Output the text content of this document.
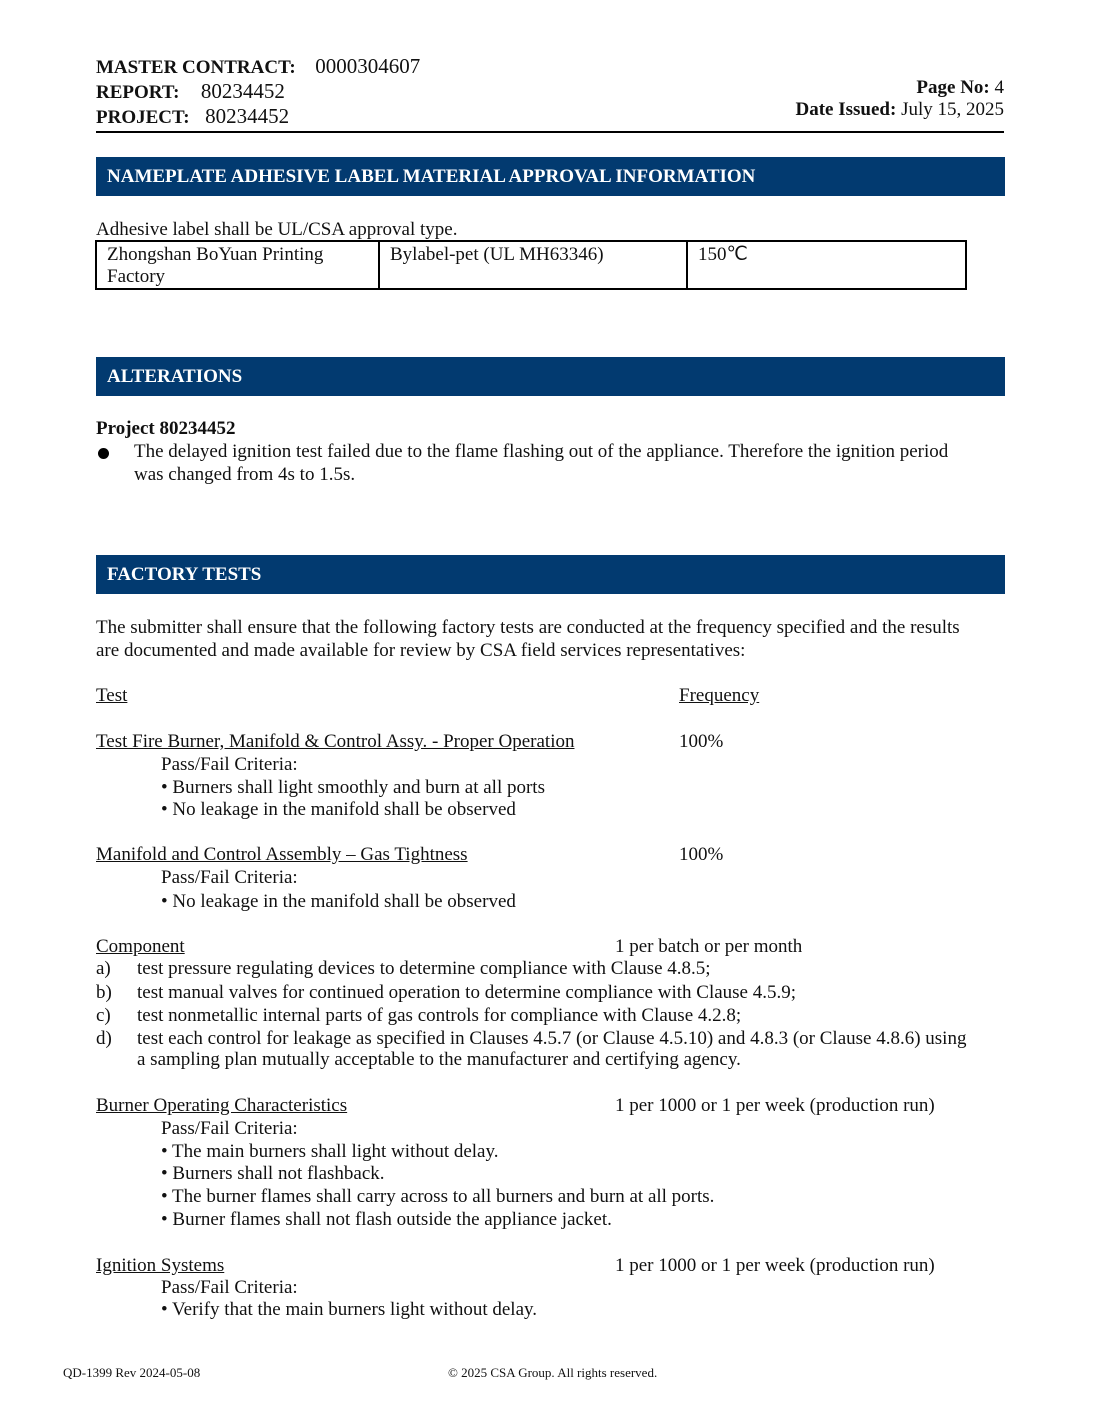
MASTER CONTRACT: 0000304607
REPORT: 80234452
PROJECT: 80234452
Page No: 4
Date Issued: July 15, 2025
NAMEPLATE ADHESIVE LABEL MATERIAL APPROVAL INFORMATION
Adhesive label shall be UL/CSA approval type.
Zhongshan BoYuan Printing
Factory	Bylabel-pet (UL MH63346)	150℃
ALTERATIONS
Project 80234452
The delayed ignition test failed due to the flame flashing out of the appliance. Therefore the ignition period
was changed from 4s to 1.5s.
FACTORY TESTS
The submitter shall ensure that the following factory tests are conducted at the frequency specified and the results
are documented and made available for review by CSA field services representatives:
Test	Frequency
Test Fire Burner, Manifold & Control Assy. - Proper Operation	100%
Pass/Fail Criteria:
• Burners shall light smoothly and burn at all ports
• No leakage in the manifold shall be observed
Manifold and Control Assembly – Gas Tightness	100%
Pass/Fail Criteria:
• No leakage in the manifold shall be observed
Component	1 per batch or per month
a) test pressure regulating devices to determine compliance with Clause 4.8.5;
b) test manual valves for continued operation to determine compliance with Clause 4.5.9;
c) test nonmetallic internal parts of gas controls for compliance with Clause 4.2.8;
d) test each control for leakage as specified in Clauses 4.5.7 (or Clause 4.5.10) and 4.8.3 (or Clause 4.8.6) using
a sampling plan mutually acceptable to the manufacturer and certifying agency.
Burner Operating Characteristics	1 per 1000 or 1 per week (production run)
Pass/Fail Criteria:
• The main burners shall light without delay.
• Burners shall not flashback.
• The burner flames shall carry across to all burners and burn at all ports.
• Burner flames shall not flash outside the appliance jacket.
Ignition Systems	1 per 1000 or 1 per week (production run)
Pass/Fail Criteria:
• Verify that the main burners light without delay.
QD-1399 Rev 2024-05-08	© 2025 CSA Group. All rights reserved.
